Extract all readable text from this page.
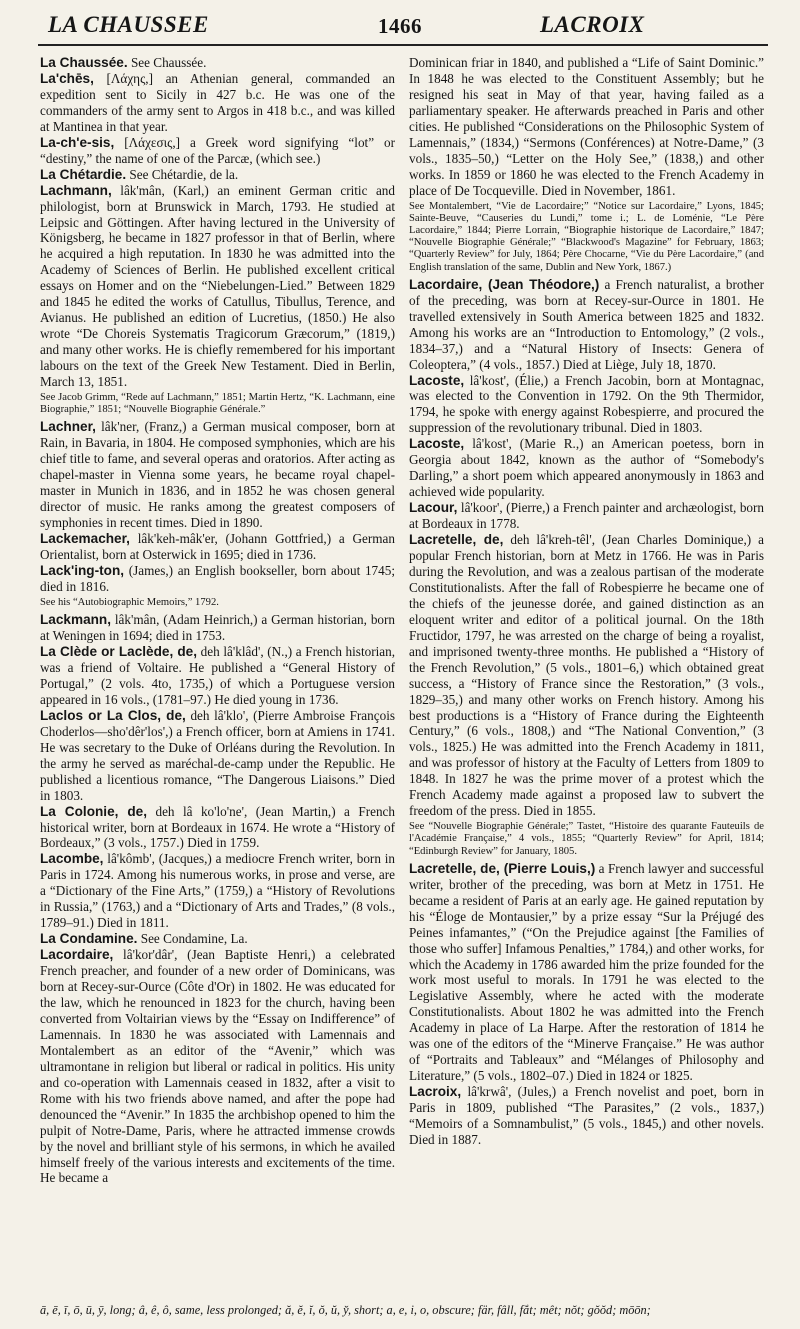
LA CHAUSSEE	1466	LACROIX

La Chaussée. See Chaussée.

La'chēs, [Λάχης,] an Athenian general, commanded an expedition sent to Sicily in 427 b.c. He was one of the commanders of the army sent to Argos in 418 b.c., and was killed at Mantinea in that year.

La-ch'e-sis, [Λάχεσις,] a Greek word signifying “lot” or “destiny,” the name of one of the Parcæ, (which see.)

La Chétardie. See Chétardie, de la.

Lachmann, lâk'mân, (Karl,) an eminent German critic and philologist, born at Brunswick in March, 1793. He studied at Leipsic and Göttingen. After having lectured in the University of Königsberg, he became in 1827 professor in that of Berlin, where he acquired a high reputation. In 1830 he was admitted into the Academy of Sciences of Berlin. He published excellent critical essays on Homer and on the “Niebelungen-Lied.” Between 1829 and 1845 he edited the works of Catullus, Tibullus, Terence, and Avianus. He published an edition of Lucretius, (1850.) He also wrote “De Choreis Systematis Tragicorum Græcorum,” (1819,) and many other works. He is chiefly remembered for his important labours on the text of the Greek New Testament. Died in Berlin, March 13, 1851.

See Jacob Grimm, “Rede auf Lachmann,” 1851; Martin Hertz, “K. Lachmann, eine Biographie,” 1851; “Nouvelle Biographie Générale.”

Lachner, lâk'ner, (Franz,) a German musical composer, born at Rain, in Bavaria, in 1804. He composed symphonies, which are his chief title to fame, and several operas and oratorios. After acting as chapel-master in Vienna some years, he became royal chapel-master in Munich in 1836, and in 1852 he was chosen general director of music. He ranks among the greatest composers of symphonies in recent times. Died in 1890.

Lackemacher, lâk'keh-mâk'er, (Johann Gottfried,) a German Orientalist, born at Osterwick in 1695; died in 1736.

Lack'ing-ton, (James,) an English bookseller, born about 1745; died in 1816.

See his “Autobiographic Memoirs,” 1792.

Lackmann, lâk'mân, (Adam Heinrich,) a German historian, born at Weningen in 1694; died in 1753.

La Clède or Laclède, de, deh lâ'klâd', (N.,) a French historian, was a friend of Voltaire. He published a “General History of Portugal,” (2 vols. 4to, 1735,) of which a Portuguese version appeared in 16 vols., (1781–97.) He died young in 1736.

Laclos or La Clos, de, deh lâ'klo', (Pierre Ambroise François Choderlos—sho'dêr'los',) a French officer, born at Amiens in 1741. He was secretary to the Duke of Orléans during the Revolution. In the army he served as maréchal-de-camp under the Republic. He published a licentious romance, “The Dangerous Liaisons.” Died in 1803.

La Colonie, de, deh lâ ko'lo'ne', (Jean Martin,) a French historical writer, born at Bordeaux in 1674. He wrote a “History of Bordeaux,” (3 vols., 1757.) Died in 1759.

Lacombe, lâ'kômb', (Jacques,) a mediocre French writer, born in Paris in 1724. Among his numerous works, in prose and verse, are a “Dictionary of the Fine Arts,” (1759,) a “History of Revolutions in Russia,” (1763,) and a “Dictionary of Arts and Trades,” (8 vols., 1789–91.) Died in 1811.

La Condamine. See Condamine, La.

Lacordaire, lâ'kor'dâr', (Jean Baptiste Henri,) a celebrated French preacher, and founder of a new order of Dominicans, was born at Recey-sur-Ource (Côte d'Or) in 1802. He was educated for the law, which he renounced in 1823 for the church, having been converted from Voltairian views by the “Essay on Indifference” of Lamennais. In 1830 he was associated with Lamennais and Montalembert as an editor of the “Avenir,” which was ultramontane in religion but liberal or radical in politics. His unity and co-operation with Lamennais ceased in 1832, after a visit to Rome with his two friends above named, and after the pope had denounced the “Avenir.” In 1835 the archbishop opened to him the pulpit of Notre-Dame, Paris, where he attracted immense crowds by the novel and brilliant style of his sermons, in which he availed himself freely of the various interests and excitements of the time. He became a

Dominican friar in 1840, and published a “Life of Saint Dominic.” In 1848 he was elected to the Constituent Assembly; but he resigned his seat in May of that year, having failed as a parliamentary speaker. He afterwards preached in Paris and other cities. He published “Considerations on the Philosophic System of Lamennais,” (1834,) “Sermons (Conférences) at Notre-Dame,” (3 vols., 1835–50,) “Letter on the Holy See,” (1838,) and other works. In 1859 or 1860 he was elected to the French Academy in place of De Tocqueville. Died in November, 1861.

See Montalembert, “Vie de Lacordaire;” “Notice sur Lacordaire,” Lyons, 1845; Sainte-Beuve, “Causeries du Lundi,” tome i.; L. de Loménie, “Le Père Lacordaire,” 1844; Pierre Lorrain, “Biographie historique de Lacordaire,” 1847; “Nouvelle Biographie Générale;” “Blackwood's Magazine” for February, 1863; “Quarterly Review” for July, 1864; Père Chocarne, “Vie du Père Lacordaire,” (and English translation of the same, Dublin and New York, 1867.)

Lacordaire, (Jean Théodore,) a French naturalist, a brother of the preceding, was born at Recey-sur-Ource in 1801. He travelled extensively in South America between 1825 and 1832. Among his works are an “Introduction to Entomology,” (2 vols., 1834–37,) and a “Natural History of Insects: Genera of Coleoptera,” (4 vols., 1857.) Died at Liège, July 18, 1870.

Lacoste, lâ'kost', (Élie,) a French Jacobin, born at Montagnac, was elected to the Convention in 1792. On the 9th Thermidor, 1794, he spoke with energy against Robespierre, and procured the suppression of the revolutionary tribunal. Died in 1803.

Lacoste, lâ'kost', (Marie R.,) an American poetess, born in Georgia about 1842, known as the author of “Somebody's Darling,” a short poem which appeared anonymously in 1863 and achieved wide popularity.

Lacour, lâ'koor', (Pierre,) a French painter and archæologist, born at Bordeaux in 1778.

Lacretelle, de, deh lâ'kreh-têl', (Jean Charles Dominique,) a popular French historian, born at Metz in 1766. He was in Paris during the Revolution, and was a zealous partisan of the moderate Constitutionalists. After the fall of Robespierre he became one of the chiefs of the jeunesse dorée, and gained distinction as an eloquent writer and editor of a political journal. On the 18th Fructidor, 1797, he was arrested on the charge of being a royalist, and imprisoned twenty-three months. He published a “History of the French Revolution,” (5 vols., 1801–6,) which obtained great success, a “History of France since the Restoration,” (3 vols., 1829–35,) and many other works on French history. Among his best productions is a “History of France during the Eighteenth Century,” (6 vols., 1808,) and “The National Convention,” (3 vols., 1825.) He was admitted into the French Academy in 1811, and was professor of history at the Faculty of Letters from 1809 to 1848. In 1827 he was the prime mover of a protest which the French Academy made against a proposed law to subvert the freedom of the press. Died in 1855.

See “Nouvelle Biographie Générale;” Tastet, “Histoire des quarante Fauteuils de l'Académie Française,” 4 vols., 1855; “Quarterly Review” for April, 1814; “Edinburgh Review” for January, 1805.

Lacretelle, de, (Pierre Louis,) a French lawyer and successful writer, brother of the preceding, was born at Metz in 1751. He became a resident of Paris at an early age. He gained reputation by his “Éloge de Montausier,” by a prize essay “Sur la Préjugé des Peines infamantes,” (“On the Prejudice against [the Families of those who suffer] Infamous Penalties,” 1784,) and other works, for which the Academy in 1786 awarded him the prize founded for the work most useful to morals. In 1791 he was elected to the Legislative Assembly, where he acted with the moderate Constitutionalists. About 1802 he was admitted into the French Academy in place of La Harpe. After the restoration of 1814 he was one of the editors of the “Minerve Française.” He was author of “Portraits and Tableaux” and “Mélanges of Philosophy and Literature,” (5 vols., 1802–07.) Died in 1824 or 1825.

Lacroix, lâ'krwâ', (Jules,) a French novelist and poet, born in Paris in 1809, published “The Parasites,” (2 vols., 1837,) “Memoirs of a Somnambulist,” (5 vols., 1845,) and other novels. Died in 1887.

ā, ē, ī, ō, ū, ȳ, long; â, ê, ô, same, less prolonged; ă, ĕ, ĭ, ŏ, ŭ, y̆, short; a, e, i, o, obscure; fär, fâll, fắt; mêt; nŏt; gŏŏd; mōōn;
